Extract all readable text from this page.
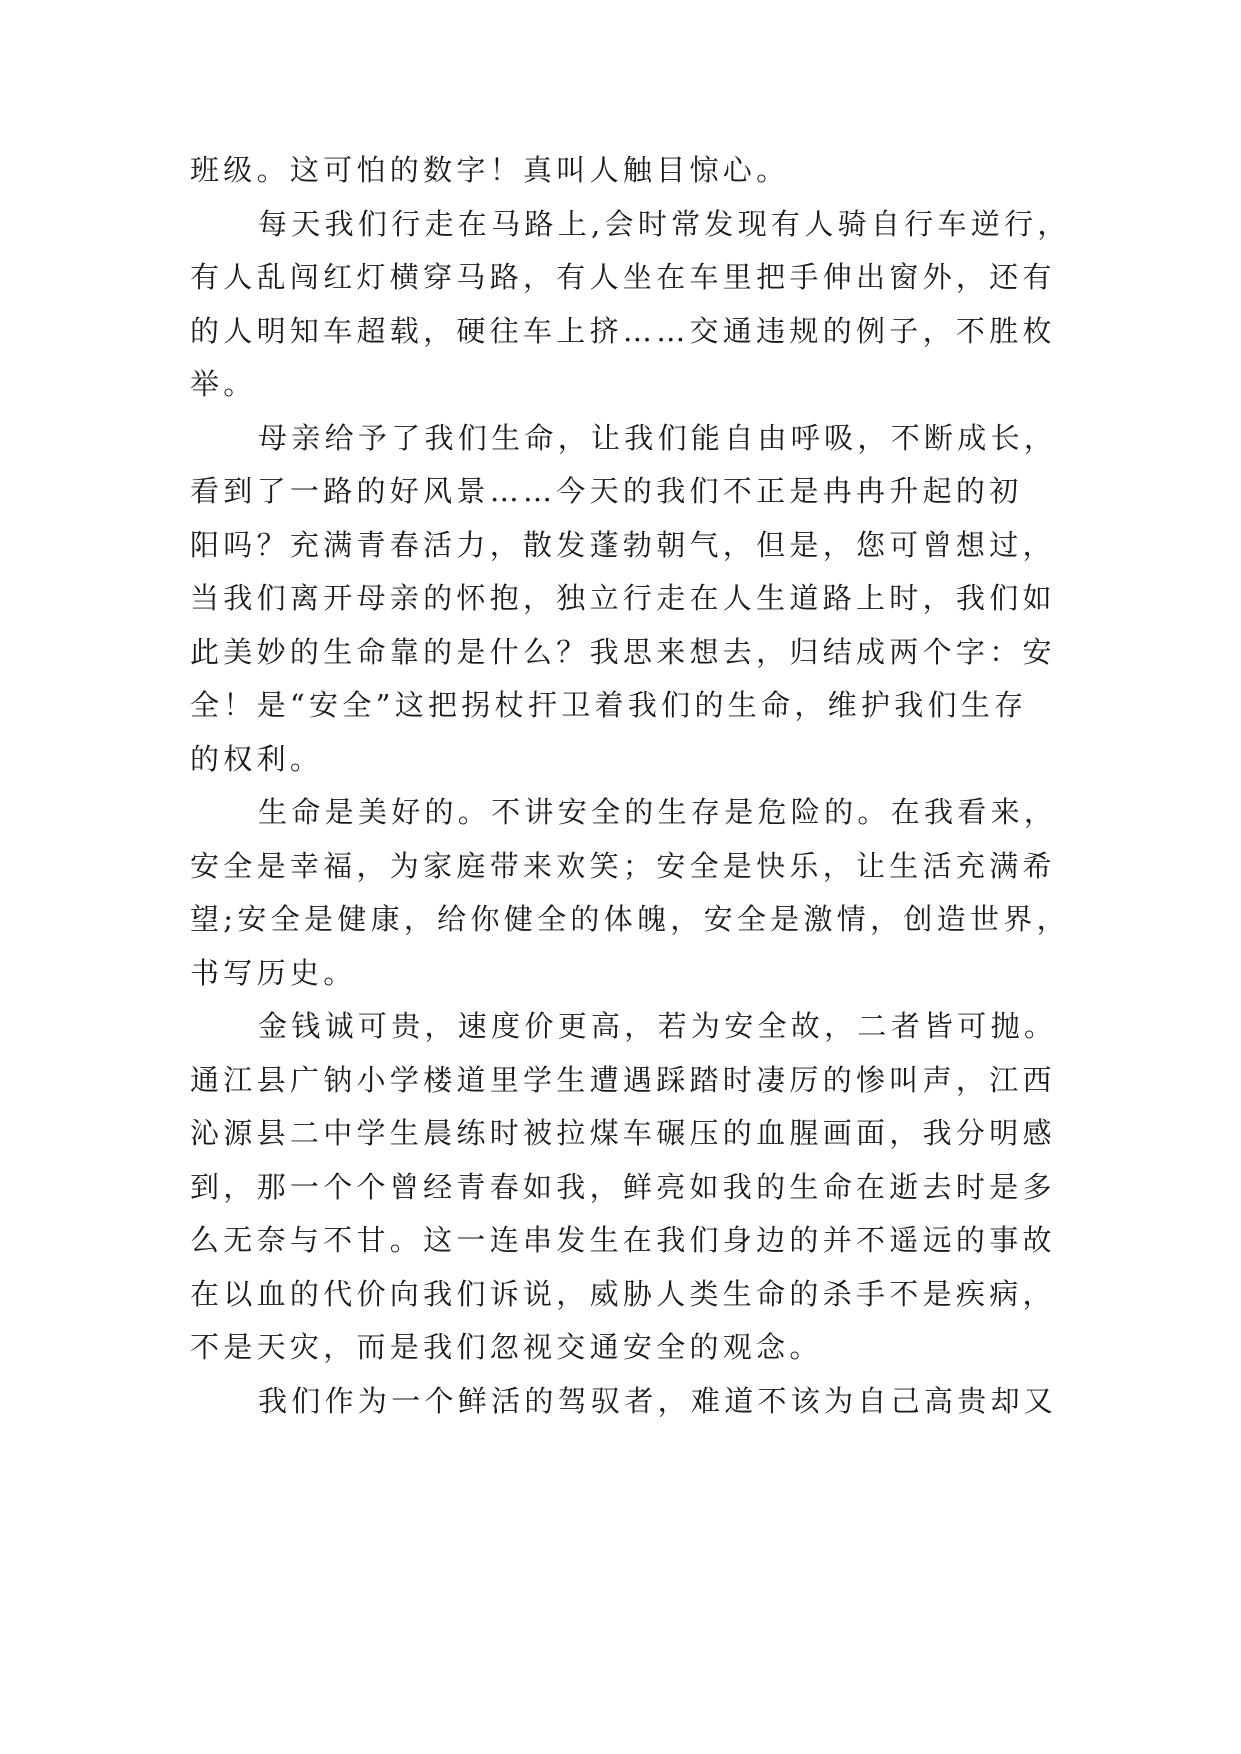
班级。这可怕的数字！真叫人触目惊心。
每天我们行走在马路上,会时常发现有人骑自行车逆行，
有人乱闯红灯横穿马路，有人坐在车里把手伸出窗外，还有
的人明知车超载，硬往车上挤……交通违规的例子，不胜枚
举。
母亲给予了我们生命，让我们能自由呼吸，不断成长，
看到了一路的好风景……今天的我们不正是冉冉升起的初
阳吗？充满青春活力，散发蓬勃朝气，但是，您可曾想过，
当我们离开母亲的怀抱，独立行走在人生道路上时，我们如
此美妙的生命靠的是什么？我思来想去，归结成两个字：安
全！是“安全”这把拐杖扞卫着我们的生命，维护我们生存
的权利。
生命是美好的。不讲安全的生存是危险的。在我看来，
安全是幸福，为家庭带来欢笑；安全是快乐，让生活充满希
望;安全是健康，给你健全的体魄，安全是激情，创造世界，
书写历史。
金钱诚可贵，速度价更高，若为安全故，二者皆可抛。
通江县广钠小学楼道里学生遭遇踩踏时凄厉的惨叫声，江西
沁源县二中学生晨练时被拉煤车碾压的血腥画面，我分明感
到，那一个个曾经青春如我，鲜亮如我的生命在逝去时是多
么无奈与不甘。这一连串发生在我们身边的并不遥远的事故
在以血的代价向我们诉说，威胁人类生命的杀手不是疾病，
不是天灾，而是我们忽视交通安全的观念。
我们作为一个鲜活的驾驭者，难道不该为自己高贵却又
